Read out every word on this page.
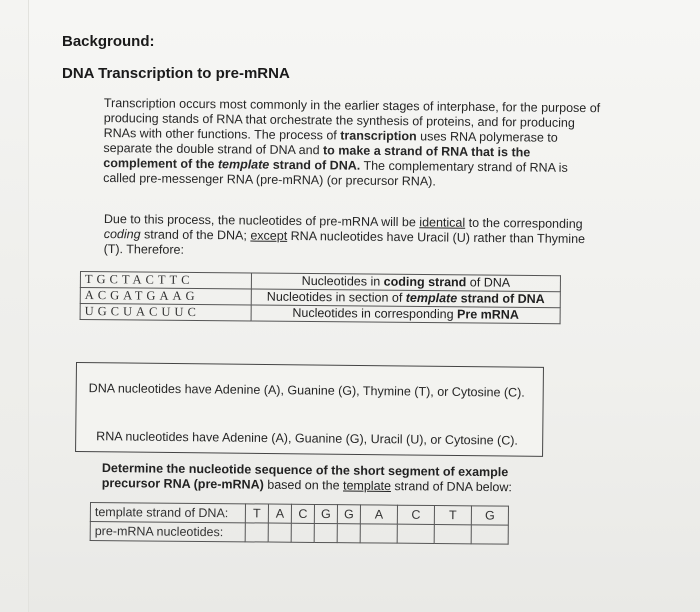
Background:
DNA Transcription to pre-mRNA

Transcription occurs most commonly in the earlier stages of interphase, for the purpose of producing stands of RNA that orchestrate the synthesis of proteins, and for producing RNAs with other functions. The process of transcription uses RNA polymerase to separate the double strand of DNA and to make a strand of RNA that is the complement of the template strand of DNA. The complementary strand of RNA is called pre-messenger RNA (pre-mRNA) (or precursor RNA).

Due to this process, the nucleotides of pre-mRNA will be identical to the corresponding coding strand of the DNA; except RNA nucleotides have Uracil (U) rather than Thymine (T). Therefore:

TGCTACTTC	Nucleotides in coding strand of DNA
ACGATGAAG	Nucleotides in section of template strand of DNA
UGCUACUUC	Nucleotides in corresponding Pre mRNA
DNA nucleotides have Adenine (A), Guanine (G), Thymine (T), or Cytosine (C).
RNA nucleotides have Adenine (A), Guanine (G), Uracil (U), or Cytosine (C).
Determine the nucleotide sequence of the short segment of example precursor RNA (pre-mRNA) based on the template strand of DNA below:
template strand of DNA:	T	A	C	G	G	A	C	T	G
pre-mRNA nucleotides:									
